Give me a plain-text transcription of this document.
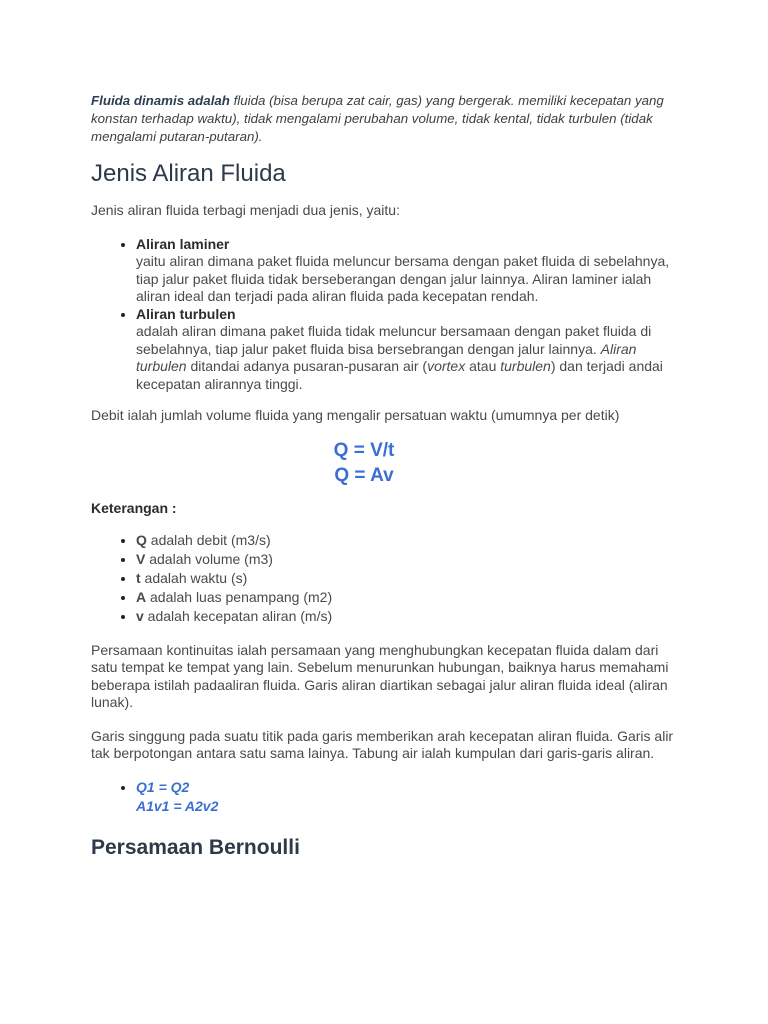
Fluida dinamis adalah fluida (bisa berupa zat cair, gas) yang bergerak. memiliki kecepatan yang konstan terhadap waktu), tidak mengalami perubahan volume, tidak kental, tidak turbulen (tidak mengalami putaran-putaran).

Jenis Aliran Fluida

Jenis aliran fluida terbagi menjadi dua jenis, yaitu:

• Aliran laminer
yaitu aliran dimana paket fluida meluncur bersama dengan paket fluida di sebelahnya, tiap jalur paket fluida tidak berseberangan dengan jalur lainnya. Aliran laminer ialah aliran ideal dan terjadi pada aliran fluida pada kecepatan rendah.
• Aliran turbulen
adalah aliran dimana paket fluida tidak meluncur bersamaan dengan paket fluida di sebelahnya, tiap jalur paket fluida bisa bersebrangan dengan jalur lainnya. Aliran turbulen ditandai adanya pusaran-pusaran air (vortex atau turbulen) dan terjadi andai kecepatan alirannya tinggi.

Debit ialah jumlah volume fluida yang mengalir persatuan waktu (umumnya per detik)

Q = V/t
Q = Av
Keterangan :
• Q adalah debit (m3/s)
• V adalah volume (m3)
• t adalah waktu (s)
• A adalah luas penampang (m2)
• v adalah kecepatan aliran (m/s)

Persamaan kontinuitas ialah persamaan yang menghubungkan kecepatan fluida dalam dari satu tempat ke tempat yang lain. Sebelum menurunkan hubungan, baiknya harus memahami beberapa istilah padaaliran fluida. Garis aliran diartikan sebagai jalur aliran fluida ideal (aliran lunak).

Garis singgung pada suatu titik pada garis memberikan arah kecepatan aliran fluida. Garis alir tak berpotongan antara satu sama lainya. Tabung air ialah kumpulan dari garis-garis aliran.

• Q1 = Q2
A1v1 = A2v2
Persamaan Bernoulli
